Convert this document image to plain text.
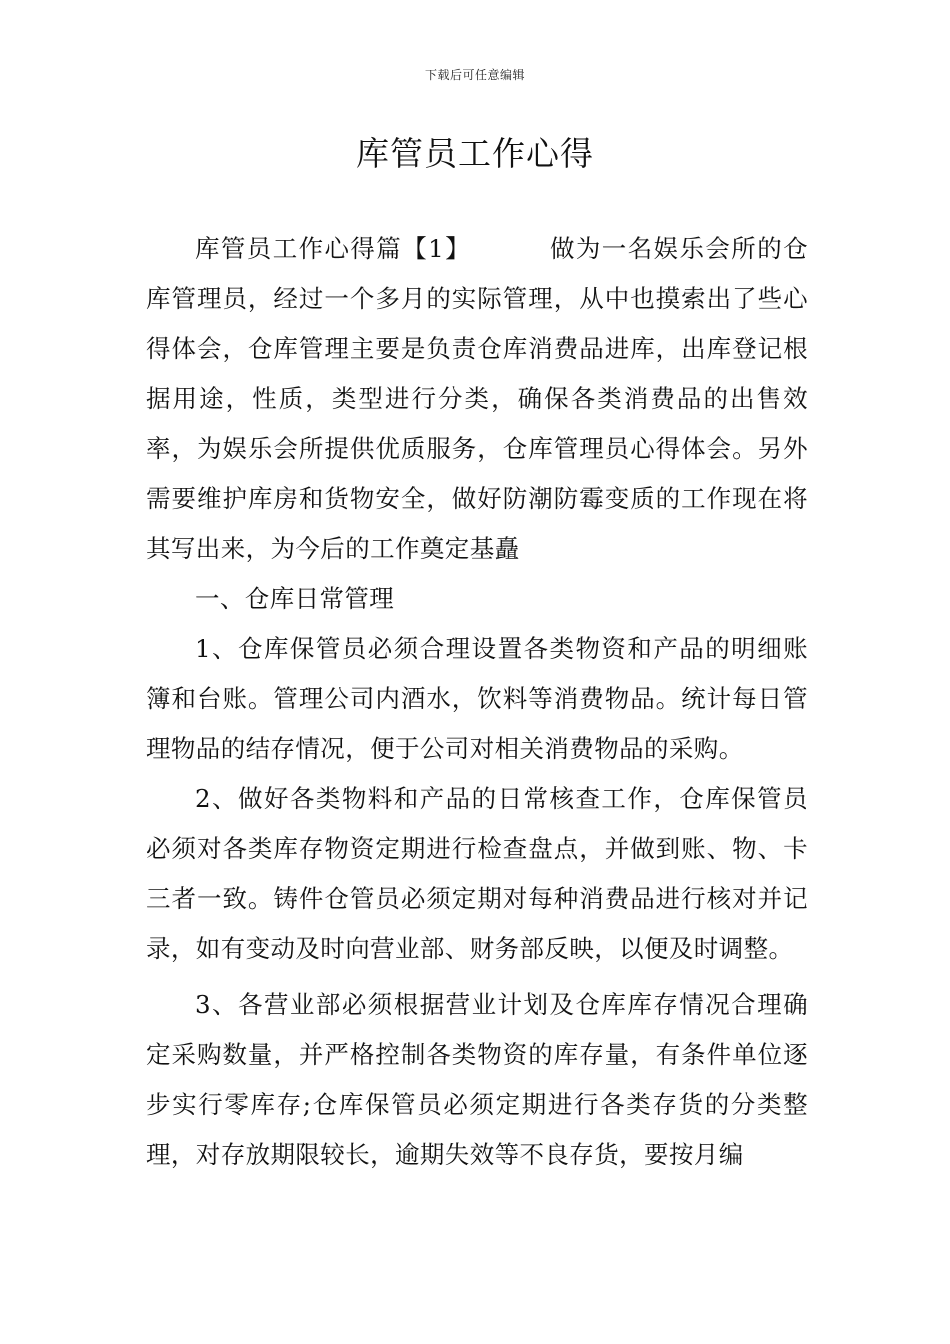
下载后可任意编辑
库管员工作心得

库管员工作心得篇【1】	做为一名娱乐会所的仓库管理员，经过一个多月的实际管理，从中也摸索出了些心得体会，仓库管理主要是负责仓库消费品进库，出库登记根据用途，性质，类型进行分类，确保各类消费品的出售效率，为娱乐会所提供优质服务，仓库管理员心得体会。另外需要维护库房和货物安全，做好防潮防霉变质的工作现在将其写出来，为今后的工作奠定基矗

一、仓库日常管理

1、仓库保管员必须合理设置各类物资和产品的明细账簿和台账。管理公司内酒水，饮料等消费物品。统计每日管理物品的结存情况，便于公司对相关消费物品的采购。

2、做好各类物料和产品的日常核查工作，仓库保管员必须对各类库存物资定期进行检查盘点，并做到账、物、卡三者一致。铸件仓管员必须定期对每种消费品进行核对并记录，如有变动及时向营业部、财务部反映，以便及时调整。

3、各营业部必须根据营业计划及仓库库存情况合理确定采购数量，并严格控制各类物资的库存量，有条件单位逐步实行零库存;仓库保管员必须定期进行各类存货的分类整理，对存放期限较长，逾期失效等不良存货，要按月编
